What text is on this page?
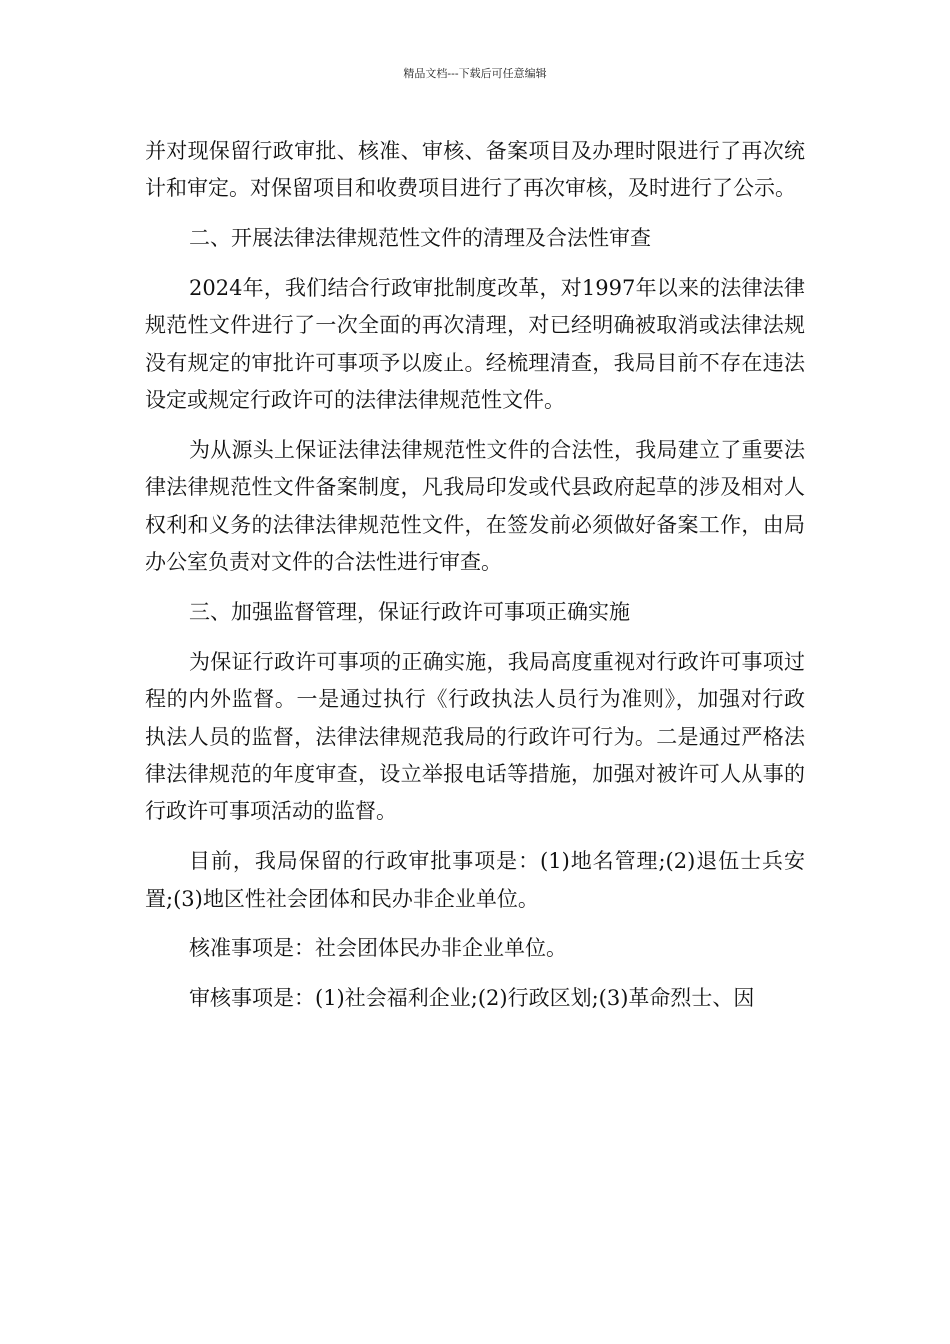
精品文档---下载后可任意编辑

并对现保留行政审批、核准、审核、备案项目及办理时限进行了再次统计和审定。对保留项目和收费项目进行了再次审核，及时进行了公示。

二、开展法律法律规范性文件的清理及合法性审查

2024年，我们结合行政审批制度改革，对1997年以来的法律法律规范性文件进行了一次全面的再次清理，对已经明确被取消或法律法规没有规定的审批许可事项予以废止。经梳理清查，我局目前不存在违法设定或规定行政许可的法律法律规范性文件。

为从源头上保证法律法律规范性文件的合法性，我局建立了重要法律法律规范性文件备案制度，凡我局印发或代县政府起草的涉及相对人权利和义务的法律法律规范性文件，在签发前必须做好备案工作，由局办公室负责对文件的合法性进行审查。

三、加强监督管理，保证行政许可事项正确实施

为保证行政许可事项的正确实施，我局高度重视对行政许可事项过程的内外监督。一是通过执行《行政执法人员行为准则》，加强对行政执法人员的监督，法律法律规范我局的行政许可行为。二是通过严格法律法律规范的年度审查，设立举报电话等措施，加强对被许可人从事的行政许可事项活动的监督。

目前，我局保留的行政审批事项是：(1)地名管理;(2)退伍士兵安置;(3)地区性社会团体和民办非企业单位。

核准事项是：社会团体民办非企业单位。

审核事项是：(1)社会福利企业;(2)行政区划;(3)革命烈士、因
